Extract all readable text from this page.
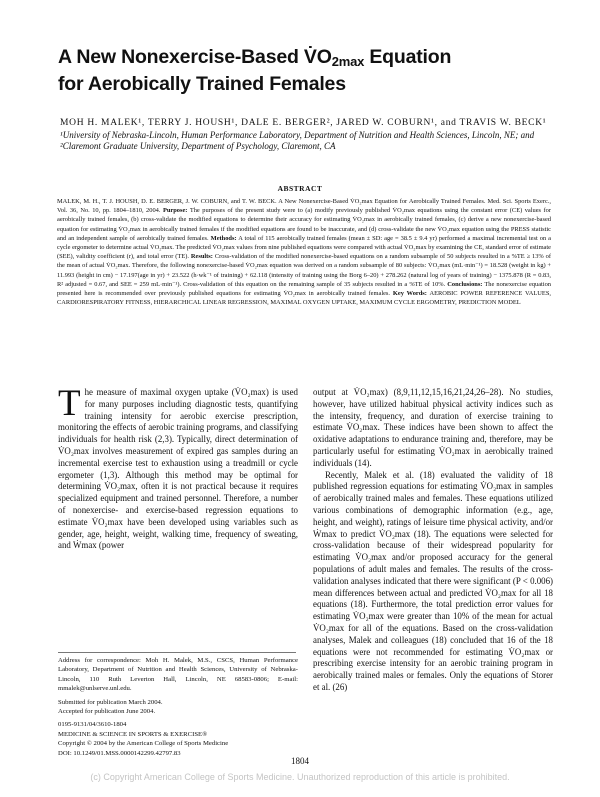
A New Nonexercise-Based $V̇O_{2max}$ Equation
for Aerobically Trained Females
MOH H. MALEK¹, TERRY J. HOUSH¹, DALE E. BERGER², JARED W. COBURN¹, and TRAVIS W. BECK¹
¹University of Nebraska-Lincoln, Human Performance Laboratory, Department of Nutrition and Health Sciences, Lincoln, NE; and ²Claremont Graduate University, Department of Psychology, Claremont, CA
ABSTRACT
MALEK, M. H., T. J. HOUSH, D. E. BERGER, J. W. COBURN, and T. W. BECK. A New Nonexercise-Based V̇O₂max Equation for Aerobically Trained Females. Med. Sci. Sports Exerc., Vol. 36, No. 10, pp. 1804–1810, 2004. Purpose: The purposes of the present study were to (a) modify previously published V̇O₂max equations using the constant error (CE) values for aerobically trained females, (b) cross-validate the modified equations to determine their accuracy for estimating V̇O₂max in aerobically trained females, (c) derive a new nonexercise-based equation for estimating V̇O₂max in aerobically trained females if the modified equations are found to be inaccurate, and (d) cross-validate the new V̇O₂max equation using the PRESS statistic and an independent sample of aerobically trained females. Methods: A total of 115 aerobically trained females (mean ± SD: age = 38.5 ± 9.4 yr) performed a maximal incremental test on a cycle ergometer to determine actual V̇O₂max. The predicted V̇O₂max values from nine published equations were compared with actual V̇O₂max by examining the CE, standard error of estimate (SEE), validity coefficient (r), and total error (TE). Results: Cross-validation of the modified nonexercise-based equations on a random subsample of 50 subjects resulted in a %TE ≥ 13% of the mean of actual V̇O₂max. Therefore, the following nonexercise-based V̇O₂max equation was derived on a random subsample of 80 subjects: V̇O₂max (mL·min⁻¹) = 18.528 (weight in kg) + 11.993 (height in cm) − 17.197(age in yr) + 23.522 (h·wk⁻¹ of training) + 62.118 (intensity of training using the Borg 6–20) + 278.262 (natural log of years of training) − 1375.878 (R = 0.83, R² adjusted = 0.67, and SEE = 259 mL·min⁻¹). Cross-validation of this equation on the remaining sample of 35 subjects resulted in a %TE of 10%. Conclusions: The nonexercise equation presented here is recommended over previously published equations for estimating V̇O₂max in aerobically trained females. Key Words: AEROBIC POWER REFERENCE VALUES, CARDIORESPIRATORY FITNESS, HIERARCHICAL LINEAR REGRESSION, MAXIMAL OXYGEN UPTAKE, MAXIMUM CYCLE ERGOMETRY, PREDICTION MODEL
The measure of maximal oxygen uptake (V̇O₂max) is used for many purposes including diagnostic tests, quantifying training intensity for aerobic exercise prescription, monitoring the effects of aerobic training programs, and classifying individuals for health risk (2,3). Typically, direct determination of V̇O₂max involves measurement of expired gas samples during an incremental exercise test to exhaustion using a treadmill or cycle ergometer (1,3). Although this method may be optimal for determining V̇O₂max, often it is not practical because it requires specialized equipment and trained personnel. Therefore, a number of nonexercise- and exercise-based regression equations to estimate V̇O₂max have been developed using variables such as gender, age, height, weight, walking time, frequency of sweating, and Ẇmax (power

output at V̇O₂max) (8,9,11,12,15,16,21,24,26–28). No studies, however, have utilized habitual physical activity indices such as the intensity, frequency, and duration of exercise training to estimate V̇O₂max. These indices have been shown to affect the oxidative adaptations to endurance training and, therefore, may be particularly useful for estimating V̇O₂max in aerobically trained individuals (14).

Recently, Malek et al. (18) evaluated the validity of 18 published regression equations for estimating V̇O₂max in samples of aerobically trained males and females. These equations utilized various combinations of demographic information (e.g., age, height, and weight), ratings of leisure time physical activity, and/or Ẇmax to predict V̇O₂max (18). The equations were selected for cross-validation because of their widespread popularity for estimating V̇O₂max and/or proposed accuracy for the general populations of adult males and females. The results of the cross-validation analyses indicated that there were significant (P < 0.006) mean differences between actual and predicted V̇O₂max for all 18 equations (18). Furthermore, the total prediction error values for estimating V̇O₂max were greater than 10% of the mean for actual V̇O₂max for all of the equations. Based on the cross-validation analyses, Malek and colleagues (18) concluded that 16 of the 18 equations were not recommended for estimating V̇O₂max or prescribing exercise intensity for an aerobic training program in aerobically trained males or females. Only the equations of Storer et al. (26)

Address for correspondence: Moh H. Malek, M.S., CSCS, Human Performance Laboratory, Department of Nutrition and Health Sciences, University of Nebraska-Lincoln, 110 Ruth Leverton Hall, Lincoln, NE 68583-0806; E-mail: mmalek@unlserve.unl.edu.

Submitted for publication March 2004.

Accepted for publication June 2004.

0195-9131/04/3610-1804

MEDICINE & SCIENCE IN SPORTS & EXERCISE®

Copyright © 2004 by the American College of Sports Medicine

DOI: 10.1249/01.MSS.0000142299.42797.83

1804
(c) Copyright American College of Sports Medicine. Unauthorized reproduction of this article is prohibited.
